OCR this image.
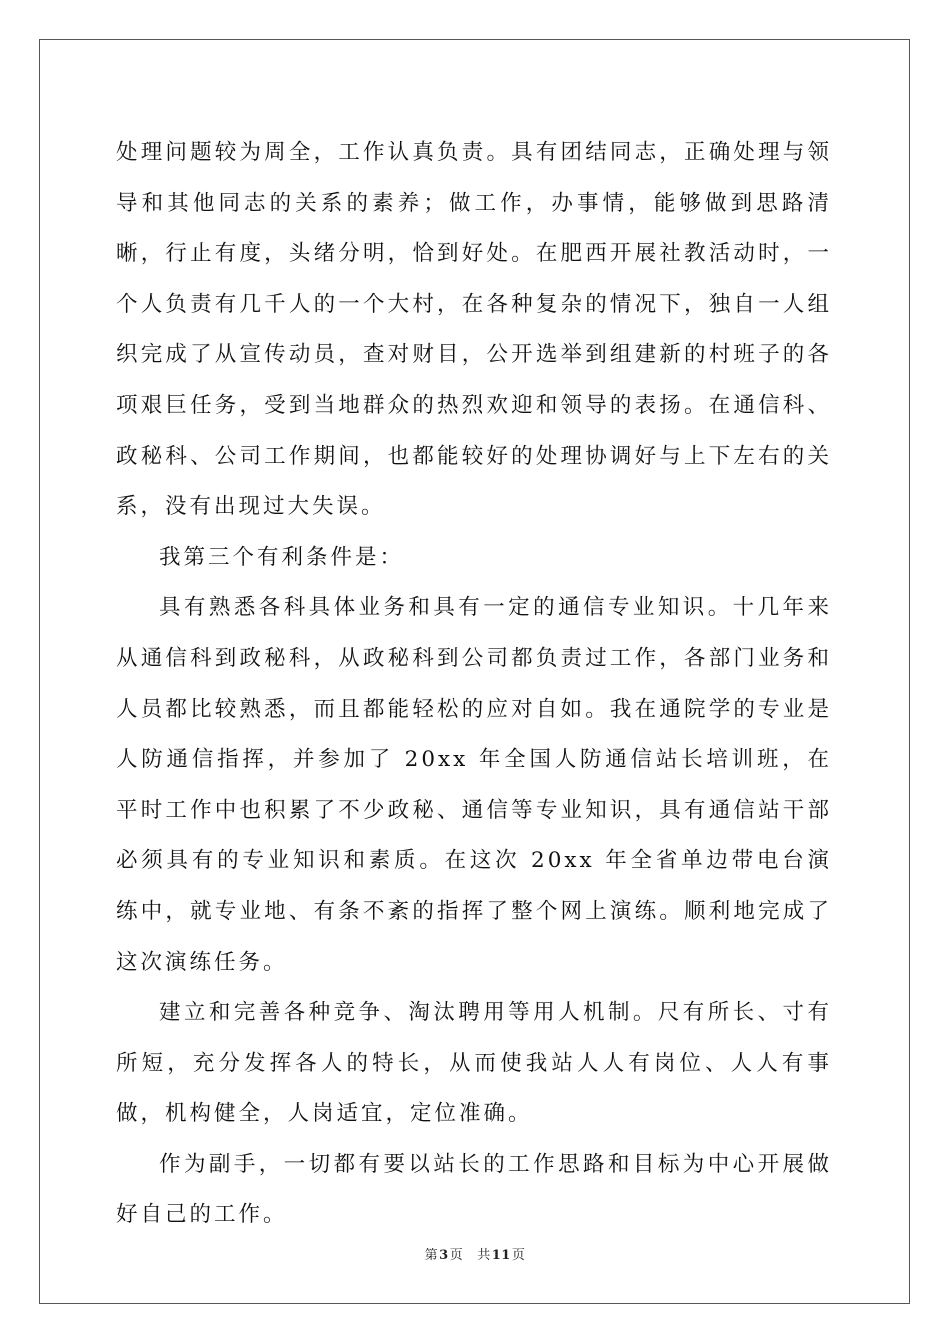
处理问题较为周全，工作认真负责。具有团结同志，正确处理与领导和其他同志的关系的素养；做工作，办事情，能够做到思路清晰，行止有度，头绪分明，恰到好处。在肥西开展社教活动时，一个人负责有几千人的一个大村，在各种复杂的情况下，独自一人组织完成了从宣传动员，查对财目，公开选举到组建新的村班子的各项艰巨任务，受到当地群众的热烈欢迎和领导的表扬。在通信科、政秘科、公司工作期间，也都能较好的处理协调好与上下左右的关系，没有出现过大失误。

我第三个有利条件是：

具有熟悉各科具体业务和具有一定的通信专业知识。十几年来从通信科到政秘科，从政秘科到公司都负责过工作，各部门业务和人员都比较熟悉，而且都能轻松的应对自如。我在通院学的专业是人防通信指挥，并参加了 20xx 年全国人防通信站长培训班，在平时工作中也积累了不少政秘、通信等专业知识，具有通信站干部必须具有的专业知识和素质。在这次 20xx 年全省单边带电台演练中，就专业地、有条不紊的指挥了整个网上演练。顺利地完成了这次演练任务。

建立和完善各种竞争、淘汰聘用等用人机制。尺有所长、寸有所短，充分发挥各人的特长，从而使我站人人有岗位、人人有事做，机构健全，人岗适宜，定位准确。

作为副手，一切都有要以站长的工作思路和目标为中心开展做好自己的工作。

第3页 共11页
